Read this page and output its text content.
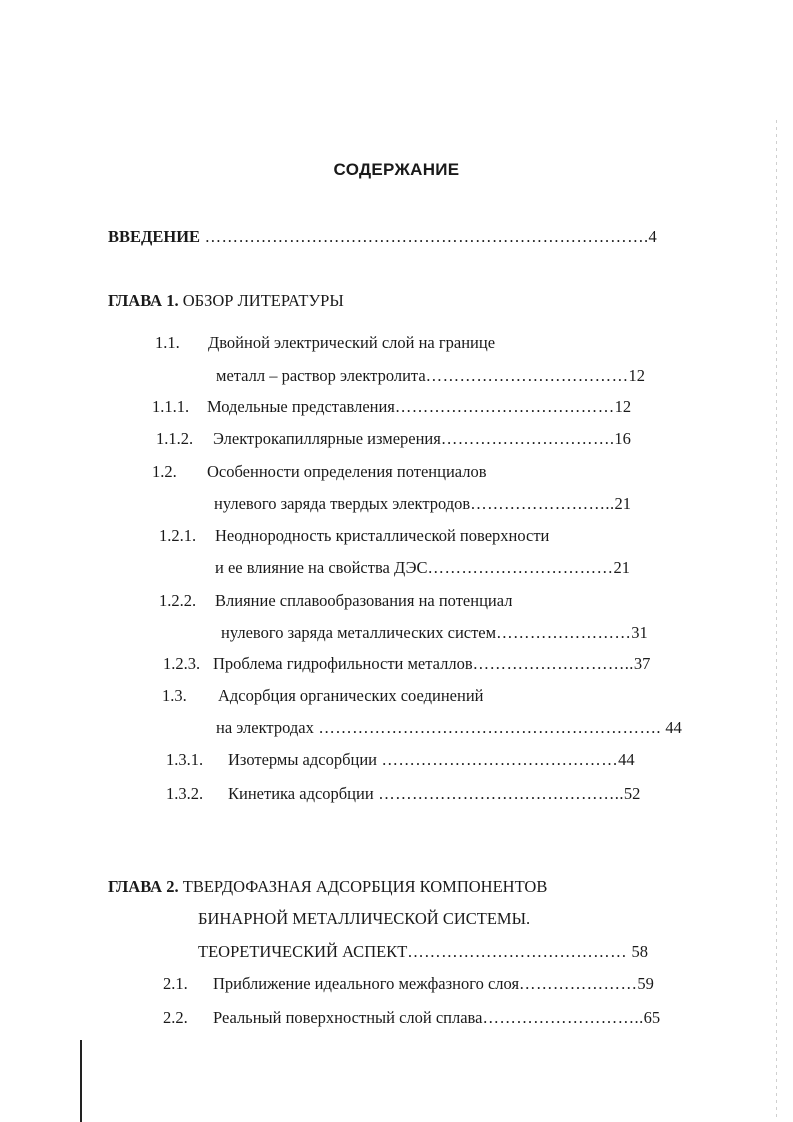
СОДЕРЖАНИЕ
ВВЕДЕНИЕ …………………………………………………………………….4
ГЛАВА 1. ОБЗОР ЛИТЕРАТУРЫ
1.1. Двойной электрический слой на границе
металл – раствор электролита………………………………12
1.1.1. Модельные представления…………………………………12
1.1.2. Электрокапиллярные измерения………………………….16
1.2. Особенности определения потенциалов
нулевого заряда твердых электродов……………………..21
1.2.1. Неоднородность кристаллической поверхности
и ее влияние на свойства ДЭС……………………………21
1.2.2. Влияние сплавообразования на потенциал
нулевого заряда металлических систем……………………31
1.2.3. Проблема гидрофильности металлов………………………..37
1.3. Адсорбция органических соединений
на электродах ……………………………………………………. 44
1.3.1. Изотермы адсорбции ……………………………………44
1.3.2. Кинетика адсорбции ……………………………………..52
ГЛАВА 2. ТВЕРДОФАЗНАЯ АДСОРБЦИЯ КОМПОНЕНТОВ
БИНАРНОЙ МЕТАЛЛИЧЕСКОЙ СИСТЕМЫ.
ТЕОРЕТИЧЕСКИЙ АСПЕКТ………………………………… 58
2.1. Приближение идеального межфазного слоя…………………59
2.2. Реальный поверхностный слой сплава………………………..65
